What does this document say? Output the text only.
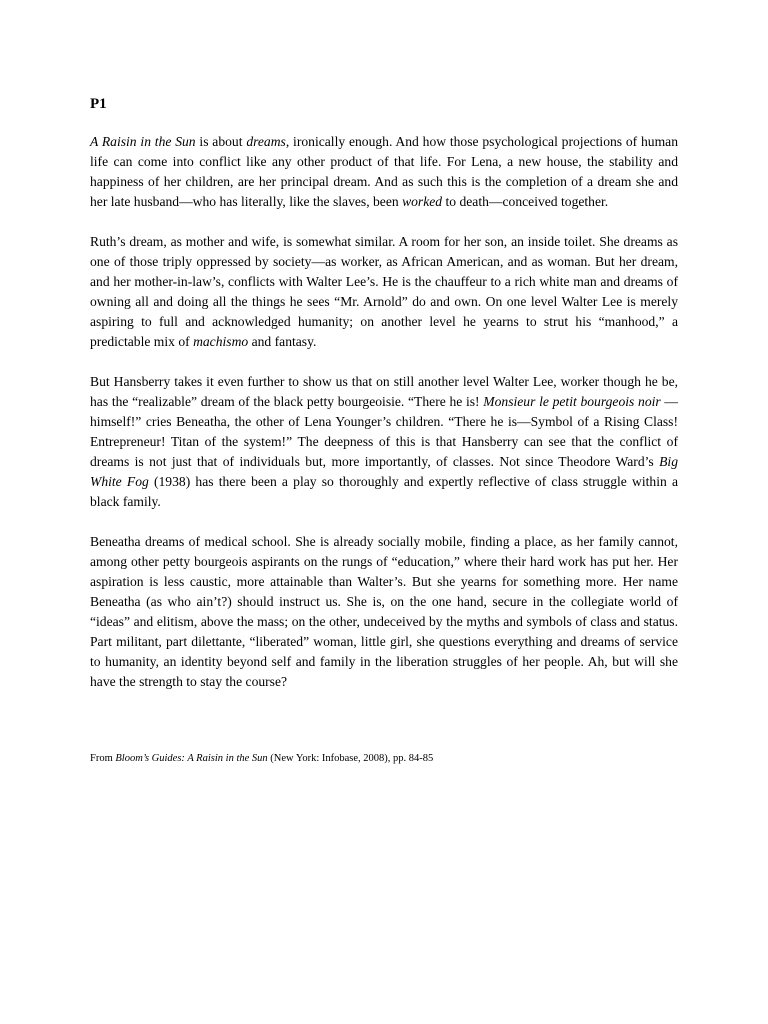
P1
A Raisin in the Sun is about dreams, ironically enough. And how those psychological projections of human life can come into conflict like any other product of that life. For Lena, a new house, the stability and happiness of her children, are her principal dream. And as such this is the completion of a dream she and her late husband—who has literally, like the slaves, been worked to death—conceived together.
Ruth’s dream, as mother and wife, is somewhat similar. A room for her son, an inside toilet. She dreams as one of those triply oppressed by society—as worker, as African American, and as woman. But her dream, and her mother-in-law’s, conflicts with Walter Lee’s. He is the chauffeur to a rich white man and dreams of owning all and doing all the things he sees “Mr. Arnold” do and own. On one level Walter Lee is merely aspiring to full and acknowledged humanity; on another level he yearns to strut his “manhood,” a predictable mix of machismo and fantasy.
But Hansberry takes it even further to show us that on still another level Walter Lee, worker though he be, has the “realizable” dream of the black petty bourgeoisie. “There he is! Monsieur le petit bourgeois noir —himself!” cries Beneatha, the other of Lena Younger’s children. “There he is—Symbol of a Rising Class! Entrepreneur! Titan of the system!” The deepness of this is that Hansberry can see that the conflict of dreams is not just that of individuals but, more importantly, of classes. Not since Theodore Ward’s Big White Fog (1938) has there been a play so thoroughly and expertly reflective of class struggle within a black family.
Beneatha dreams of medical school. She is already socially mobile, finding a place, as her family cannot, among other petty bourgeois aspirants on the rungs of “education,” where their hard work has put her. Her aspiration is less caustic, more attainable than Walter’s. But she yearns for something more. Her name Beneatha (as who ain’t?) should instruct us. She is, on the one hand, secure in the collegiate world of “ideas” and elitism, above the mass; on the other, undeceived by the myths and symbols of class and status. Part militant, part dilettante, “liberated” woman, little girl, she questions everything and dreams of service to humanity, an identity beyond self and family in the liberation struggles of her people. Ah, but will she have the strength to stay the course?
From Bloom’s Guides: A Raisin in the Sun (New York: Infobase, 2008), pp. 84-85
